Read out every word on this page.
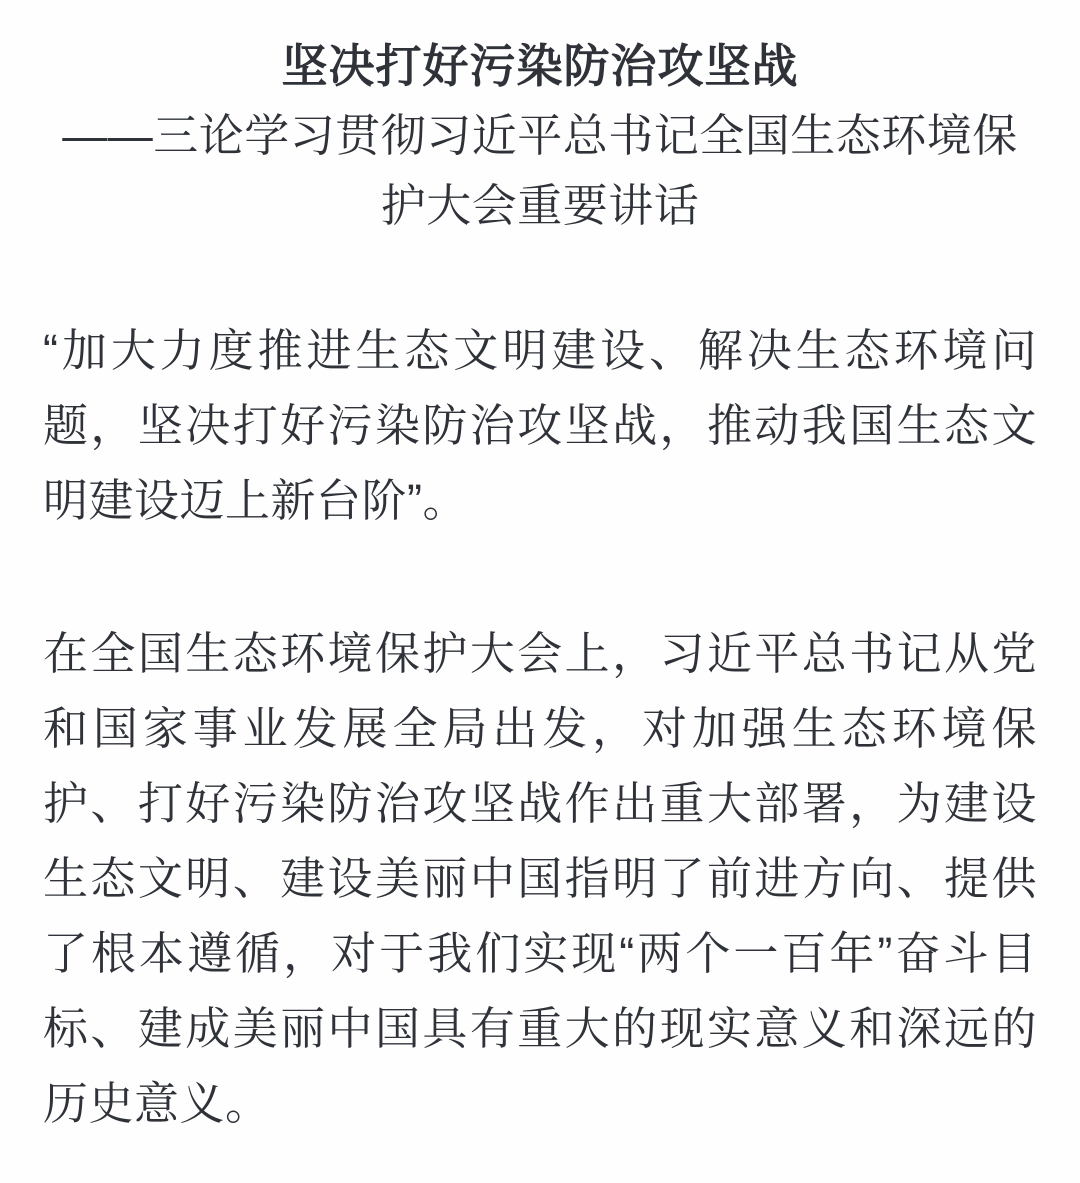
坚决打好污染防治攻坚战
——三论学习贯彻习近平总书记全国生态环境保
护大会重要讲话
“加大力度推进生态文明建设、解决生态环境问
题，坚决打好污染防治攻坚战，推动我国生态文
明建设迈上新台阶”。
在全国生态环境保护大会上，习近平总书记从党
和国家事业发展全局出发，对加强生态环境保
护、打好污染防治攻坚战作出重大部署，为建设
生态文明、建设美丽中国指明了前进方向、提供
了根本遵循，对于我们实现“两个一百年”奋斗目
标、建成美丽中国具有重大的现实意义和深远的
历史意义。
